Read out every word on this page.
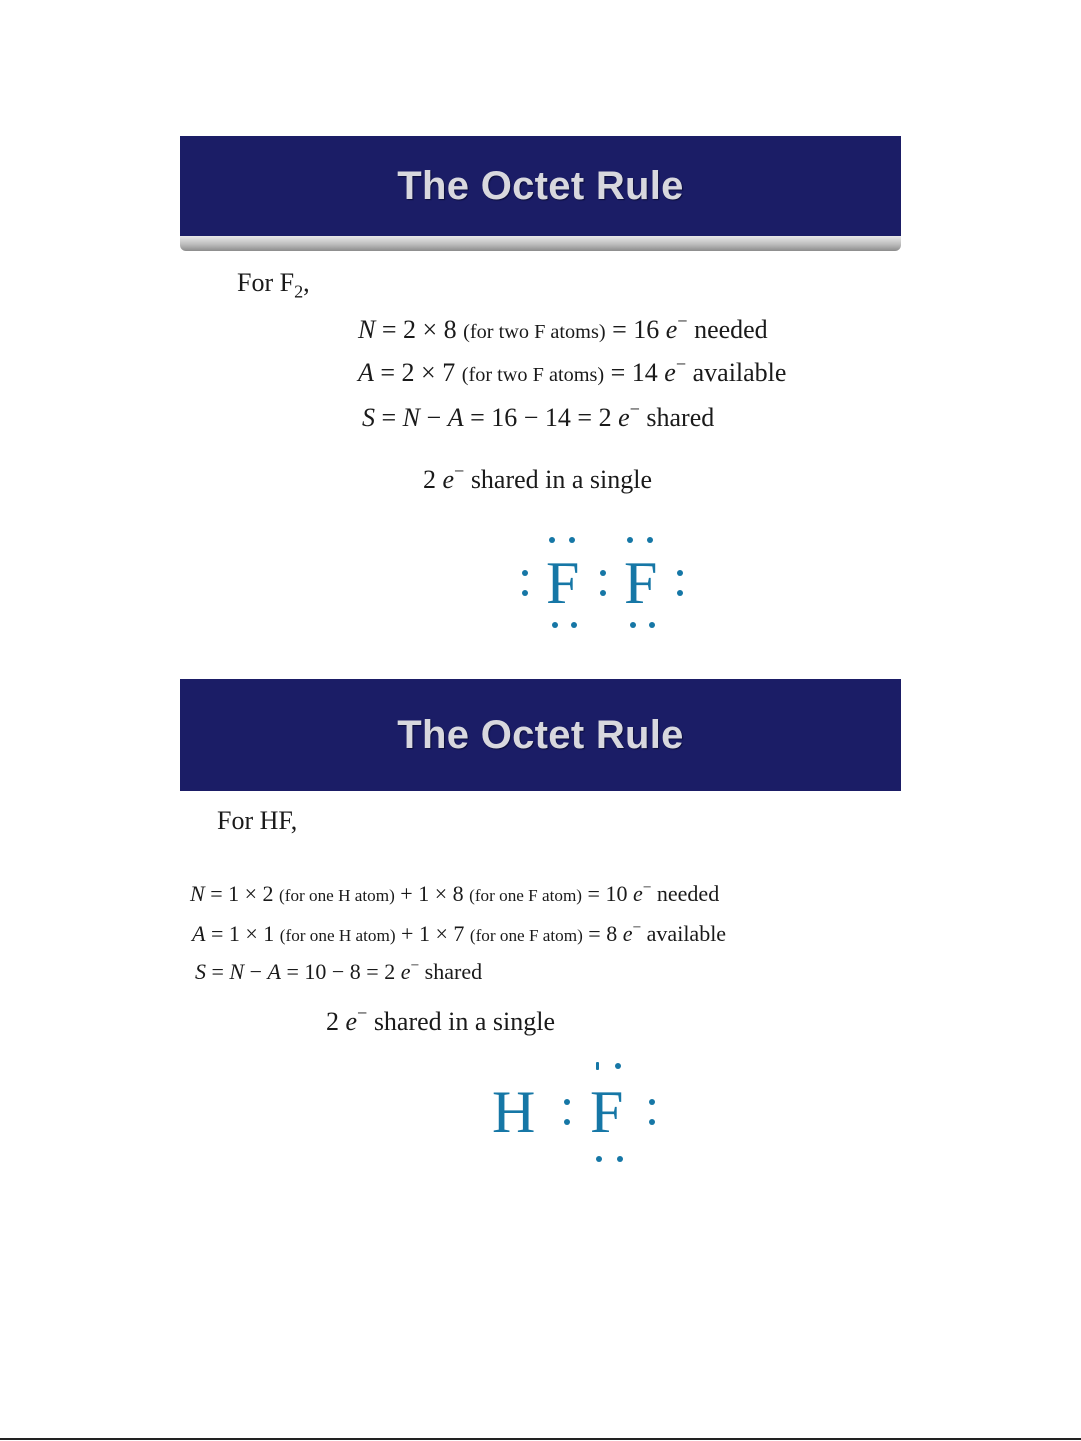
The Octet Rule
For $F_2$,
N = 2 × 8 (for two F atoms) = 16 e− needed
A = 2 × 7 (for two F atoms) = 14 e− available
S = N − A = 16 − 14 = 2 e− shared
2 e− shared in a single
F F
The Octet Rule
For HF,
N = 1 × 2 (for one H atom) + 1 × 8 (for one F atom) = 10 e− needed
A = 1 × 1 (for one H atom) + 1 × 7 (for one F atom) = 8 e− available
S = N − A = 10 − 8 = 2 e− shared
2 e− shared in a single
H F
